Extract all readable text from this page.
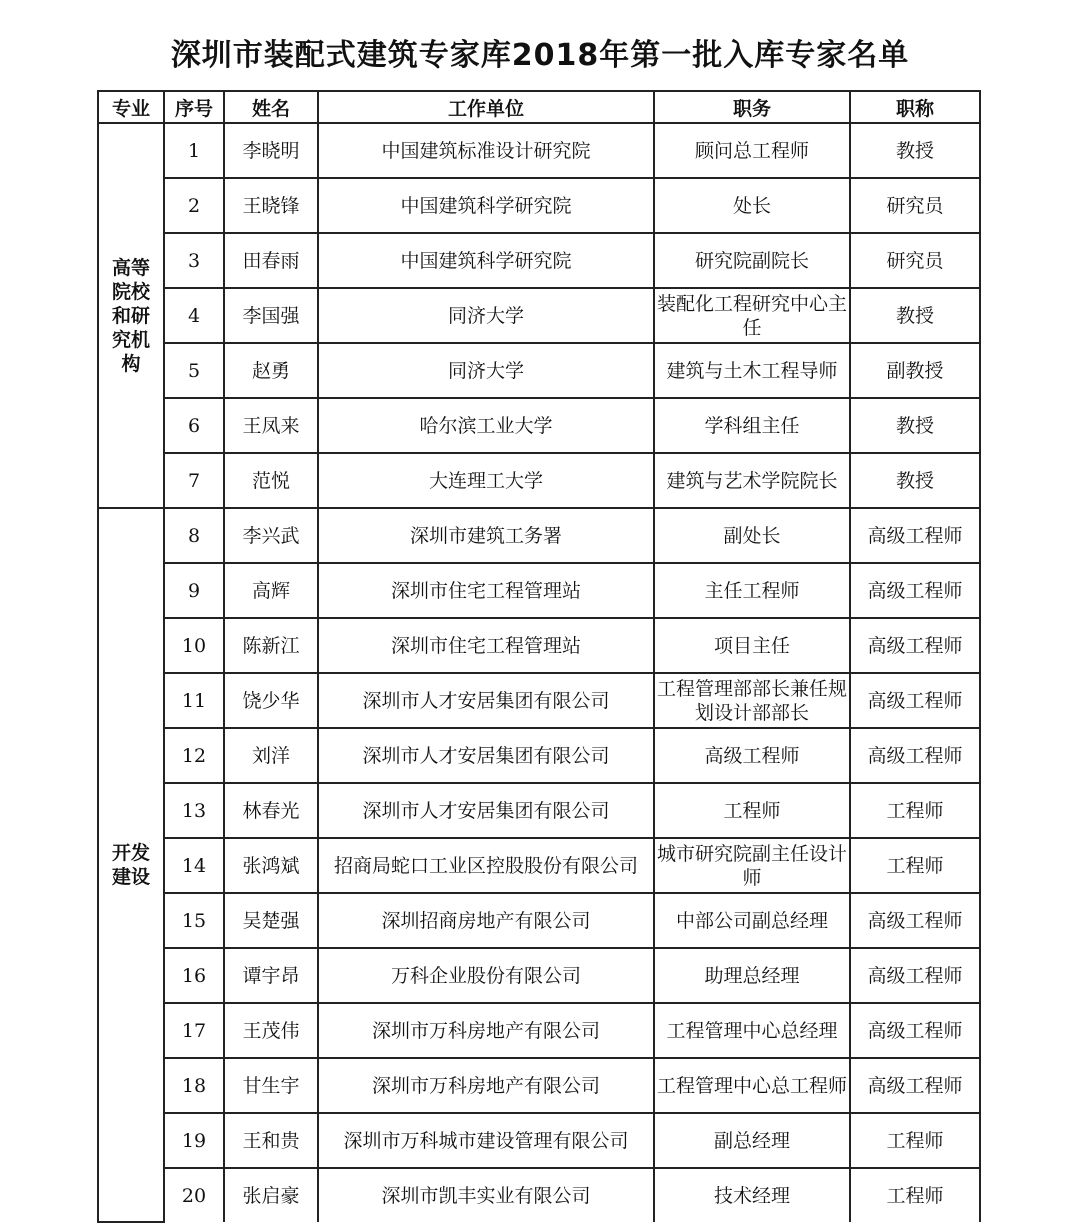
深圳市装配式建筑专家库2018年第一批入库专家名单
专业	序号	姓名	工作单位	职务	职称

高等院校和研究机构	1	李晓明	中国建筑标准设计研究院	顾问总工程师	教授
	2	王晓锋	中国建筑科学研究院	处长	研究员
	3	田春雨	中国建筑科学研究院	研究院副院长	研究员
	4	李国强	同济大学	装配化工程研究中心主任	教授
	5	赵勇	同济大学	建筑与土木工程导师	副教授
	6	王凤来	哈尔滨工业大学	学科组主任	教授
	7	范悦	大连理工大学	建筑与艺术学院院长	教授

开发建设	8	李兴武	深圳市建筑工务署	副处长	高级工程师
	9	高辉	深圳市住宅工程管理站	主任工程师	高级工程师
	10	陈新江	深圳市住宅工程管理站	项目主任	高级工程师
	11	饶少华	深圳市人才安居集团有限公司	工程管理部部长兼任规划设计部部长	高级工程师
	12	刘洋	深圳市人才安居集团有限公司	高级工程师	高级工程师
	13	林春光	深圳市人才安居集团有限公司	工程师	工程师
	14	张鸿斌	招商局蛇口工业区控股股份有限公司	城市研究院副主任设计师	工程师
	15	吴楚强	深圳招商房地产有限公司	中部公司副总经理	高级工程师
	16	谭宇昂	万科企业股份有限公司	助理总经理	高级工程师
	17	王茂伟	深圳市万科房地产有限公司	工程管理中心总经理	高级工程师
	18	甘生宇	深圳市万科房地产有限公司	工程管理中心总工程师	高级工程师
	19	王和贵	深圳市万科城市建设管理有限公司	副总经理	工程师
	20	张启豪	深圳市凯丰实业有限公司	技术经理	工程师
